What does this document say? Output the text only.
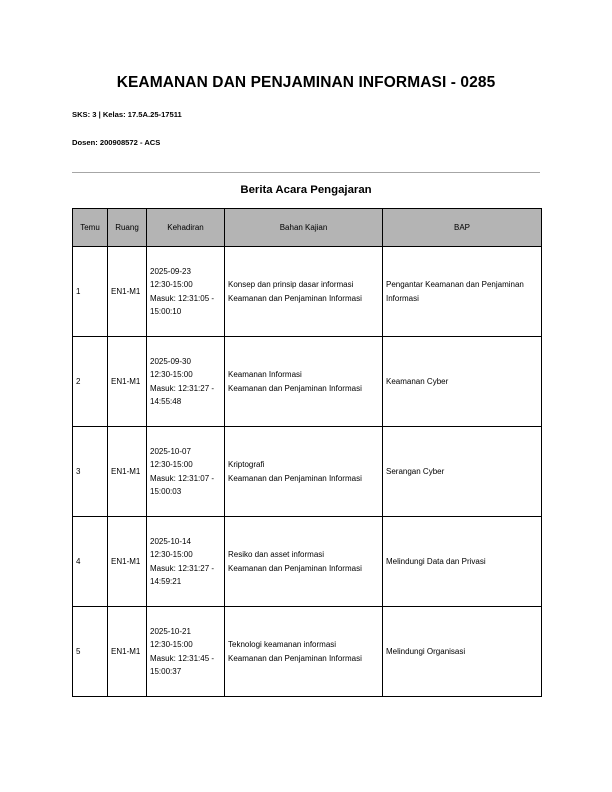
KEAMANAN DAN PENJAMINAN INFORMASI - 0285
SKS: 3 | Kelas: 17.5A.25-17511
Dosen: 200908572 - ACS
Berita Acara Pengajaran
Temu	Ruang	Kehadiran	Bahan Kajian	BAP
1	EN1-M1	2025-09-23
12:30-15:00
Masuk: 12:31:05 - 15:00:10	Konsep dan prinsip dasar informasi
Keamanan dan Penjaminan Informasi	Pengantar Keamanan dan Penjaminan Informasi
2	EN1-M1	2025-09-30
12:30-15:00
Masuk: 12:31:27 - 14:55:48	Keamanan Informasi
Keamanan dan Penjaminan Informasi	Keamanan Cyber
3	EN1-M1	2025-10-07
12:30-15:00
Masuk: 12:31:07 - 15:00:03	Kriptografi
Keamanan dan Penjaminan Informasi	Serangan Cyber
4	EN1-M1	2025-10-14
12:30-15:00
Masuk: 12:31:27 - 14:59:21	Resiko dan asset informasi
Keamanan dan Penjaminan Informasi	Melindungi Data dan Privasi
5	EN1-M1	2025-10-21
12:30-15:00
Masuk: 12:31:45 - 15:00:37	Teknologi keamanan informasi
Keamanan dan Penjaminan Informasi	Melindungi Organisasi
